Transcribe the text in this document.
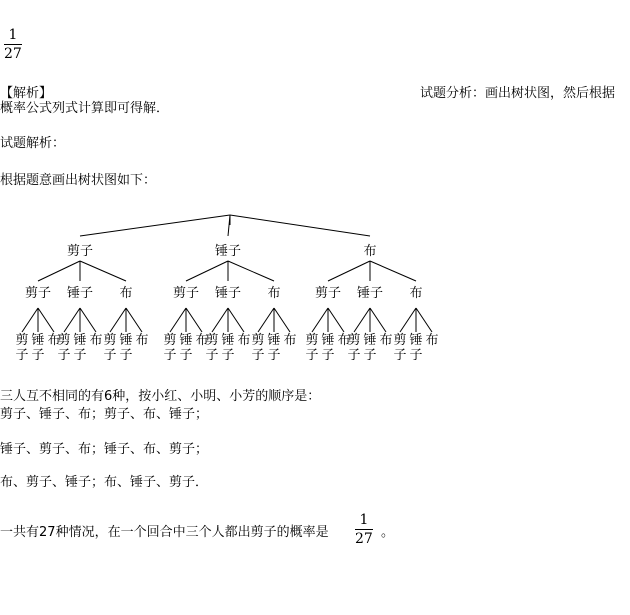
1
27
【解析】	试题分析：画出树状图，然后根据
概率公式列式计算即可得解．
试题解析：
根据题意画出树状图如下：
剪子	锤子	布
剪子
剪
子
锤
子
布
锤子
剪
子
锤
子
布
布
剪
子
锤
子
布
剪子
剪
子
锤
子
布
锤子
剪
子
锤
子
布
布
剪
子
锤
子
布
剪子
剪
子
锤
子
布
锤子
剪
子
锤
子
布
布
剪
子
锤
子
布
三人互不相同的有6种，按小红、小明、小芳的顺序是：
剪子、锤子、布；剪子、布、锤子；
锤子、剪子、布；锤子、布、剪子；
布、剪子、锤子；布、锤子、剪子．
一共有27种情况，在一个回合中三个人都出剪子的概率是
1
27 。
